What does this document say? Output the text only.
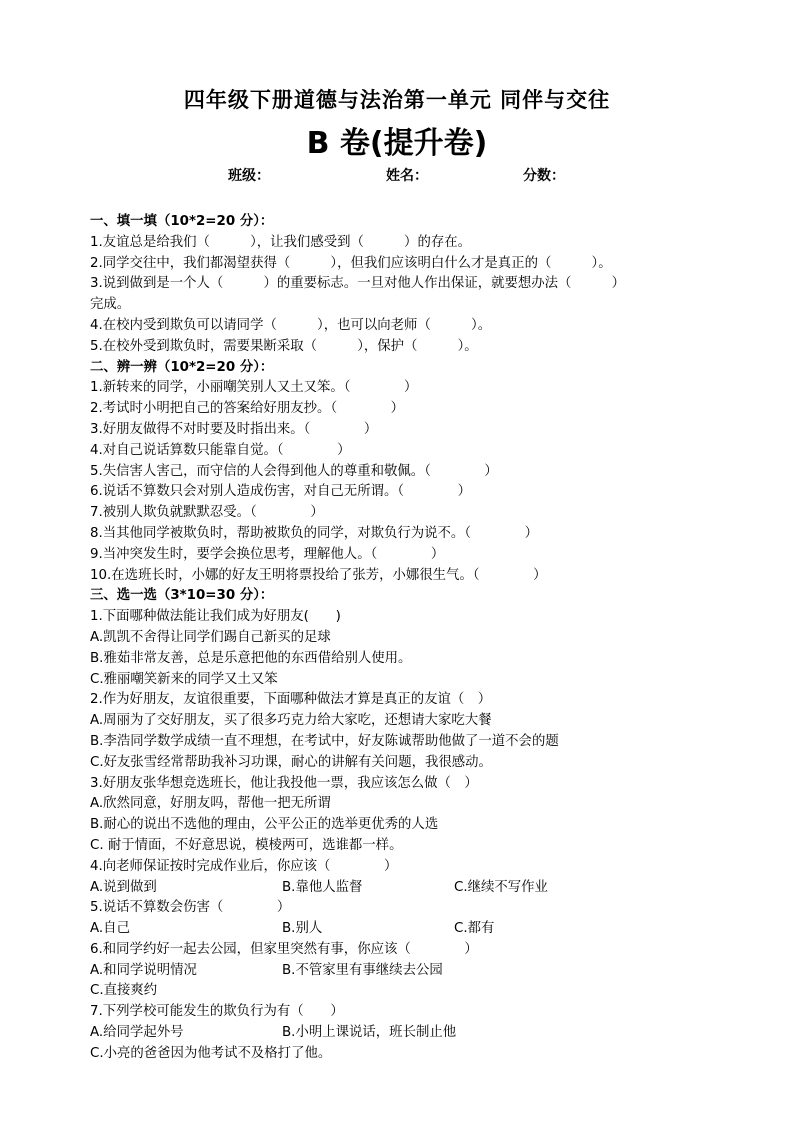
四年级下册道德与法治第一单元 同伴与交往
B 卷(提升卷)
班级：	姓名：	分数：
一、填一填（10*2=20 分）：
1.友谊总是给我们（　　　），让我们感受到（　　　）的存在。
2.同学交往中，我们都渴望获得（　　　），但我们应该明白什么才是真正的（　　　）。
3.说到做到是一个人（　　　）的重要标志。一旦对他人作出保证，就要想办法（　　　）
完成。
4.在校内受到欺负可以请同学（　　　），也可以向老师（　　　）。
5.在校外受到欺负时，需要果断采取（　　　），保护（　　　）。
二、辨一辨（10*2=20 分）：
1.新转来的同学，小丽嘲笑别人又土又笨。（　　　　）
2.考试时小明把自己的答案给好朋友抄。（　　　　）
3.好朋友做得不对时要及时指出来。（　　　　）
4.对自己说话算数只能靠自觉。（　　　　）
5.失信害人害己，而守信的人会得到他人的尊重和敬佩。（　　　　）
6.说话不算数只会对别人造成伤害，对自己无所谓。（　　　　）
7.被别人欺负就默默忍受。（　　　　）
8.当其他同学被欺负时，帮助被欺负的同学，对欺负行为说不。（　　　　）
9.当冲突发生时，要学会换位思考，理解他人。（　　　　）
10.在选班长时，小娜的好友王明将票投给了张芳，小娜很生气。（　　　　）
三、选一选（3*10=30 分）：
1.下面哪种做法能让我们成为好朋友(　　)
A.凯凯不舍得让同学们踢自己新买的足球
B.雅茹非常友善，总是乐意把他的东西借给别人使用。
C.雅丽嘲笑新来的同学又土又笨
2.作为好朋友，友谊很重要，下面哪种做法才算是真正的友谊（　）
A.周丽为了交好朋友，买了很多巧克力给大家吃，还想请大家吃大餐
B.李浩同学数学成绩一直不理想，在考试中，好友陈诚帮助他做了一道不会的题
C.好友张雪经常帮助我补习功课，耐心的讲解有关问题，我很感动。
3.好朋友张华想竞选班长，他让我投他一票，我应该怎么做（　）
A.欣然同意，好朋友吗，帮他一把无所谓
B.耐心的说出不选他的理由，公平公正的选举更优秀的人选
C. 耐于情面，不好意思说，模棱两可，选谁都一样。
4.向老师保证按时完成作业后，你应该（　　　　）
A.说到做到	B.靠他人监督	C.继续不写作业
5.说话不算数会伤害（　　　　）
A.自己	B.别人	C.都有
6.和同学约好一起去公园，但家里突然有事，你应该（　　　　）
A.和同学说明情况	B.不管家里有事继续去公园
C.直接爽约
7.下列学校可能发生的欺负行为有（　　）
A.给同学起外号	B.小明上课说话，班长制止他
C.小亮的爸爸因为他考试不及格打了他。
